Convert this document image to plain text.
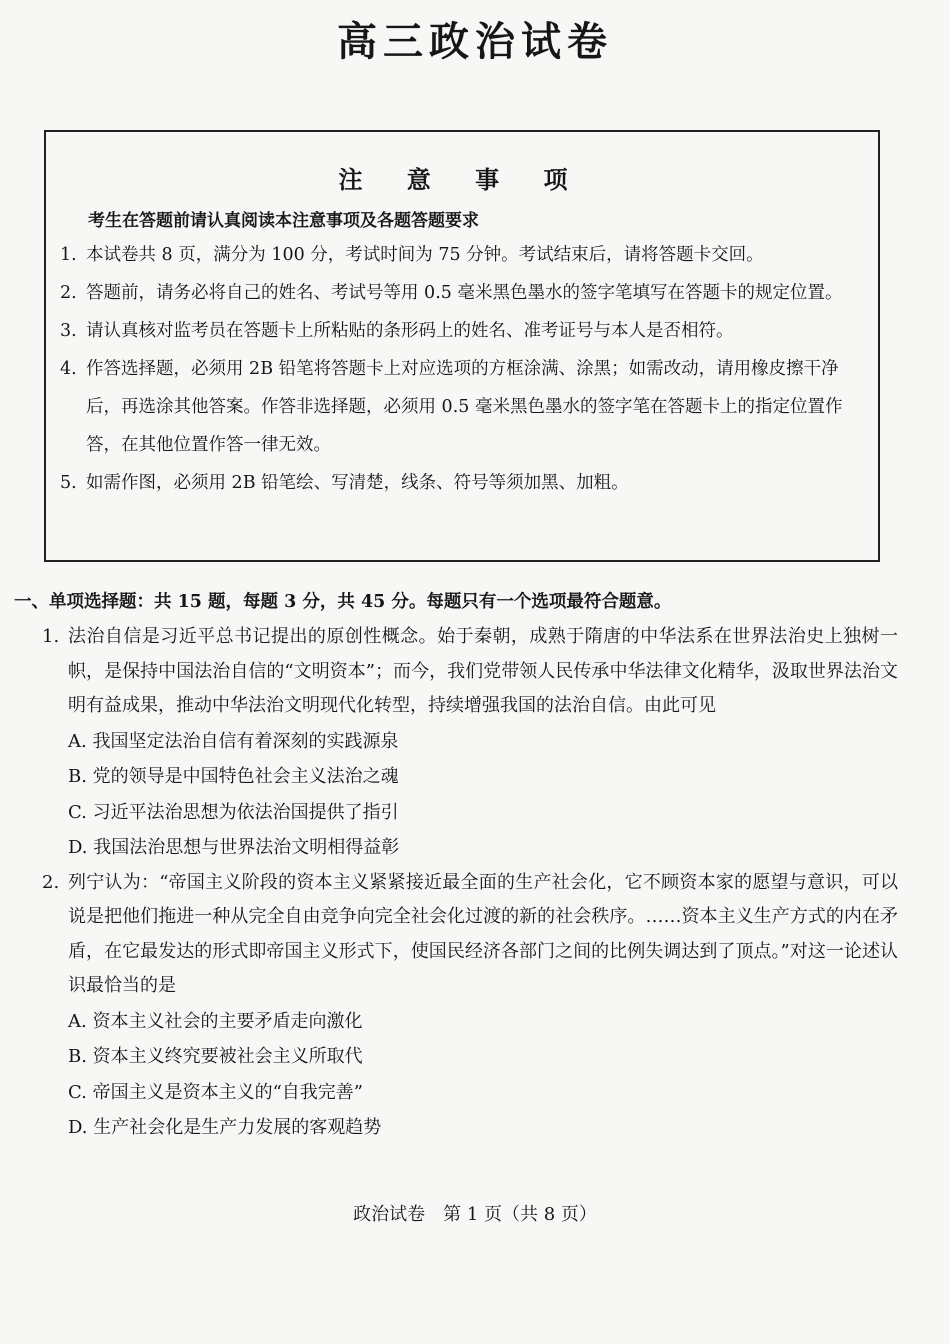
高三政治试卷
注 意 事 项
考生在答题前请认真阅读本注意事项及各题答题要求
1. 本试卷共 8 页，满分为 100 分，考试时间为 75 分钟。考试结束后，请将答题卡交回。
2. 答题前，请务必将自己的姓名、考试号等用 0.5 毫米黑色墨水的签字笔填写在答题卡的规定位置。
3. 请认真核对监考员在答题卡上所粘贴的条形码上的姓名、准考证号与本人是否相符。
4. 作答选择题，必须用 2B 铅笔将答题卡上对应选项的方框涂满、涂黑；如需改动，请用橡皮擦干净后，再选涂其他答案。作答非选择题，必须用 0.5 毫米黑色墨水的签字笔在答题卡上的指定位置作答，在其他位置作答一律无效。
5. 如需作图，必须用 2B 铅笔绘、写清楚，线条、符号等须加黑、加粗。
一、单项选择题：共 15 题，每题 3 分，共 45 分。每题只有一个选项最符合题意。
1. 法治自信是习近平总书记提出的原创性概念。始于秦朝，成熟于隋唐的中华法系在世界法治史上独树一帜，是保持中国法治自信的“文明资本”；而今，我们党带领人民传承中华法律文化精华，汲取世界法治文明有益成果，推动中华法治文明现代化转型，持续增强我国的法治自信。由此可见
A. 我国坚定法治自信有着深刻的实践源泉
B. 党的领导是中国特色社会主义法治之魂
C. 习近平法治思想为依法治国提供了指引
D. 我国法治思想与世界法治文明相得益彰
2. 列宁认为：“帝国主义阶段的资本主义紧紧接近最全面的生产社会化，它不顾资本家的愿望与意识，可以说是把他们拖进一种从完全自由竞争向完全社会化过渡的新的社会秩序。……资本主义生产方式的内在矛盾，在它最发达的形式即帝国主义形式下，使国民经济各部门之间的比例失调达到了顶点。”对这一论述认识最恰当的是
A. 资本主义社会的主要矛盾走向激化
B. 资本主义终究要被社会主义所取代
C. 帝国主义是资本主义的“自我完善”
D. 生产社会化是生产力发展的客观趋势
政治试卷　第 1 页（共 8 页）
